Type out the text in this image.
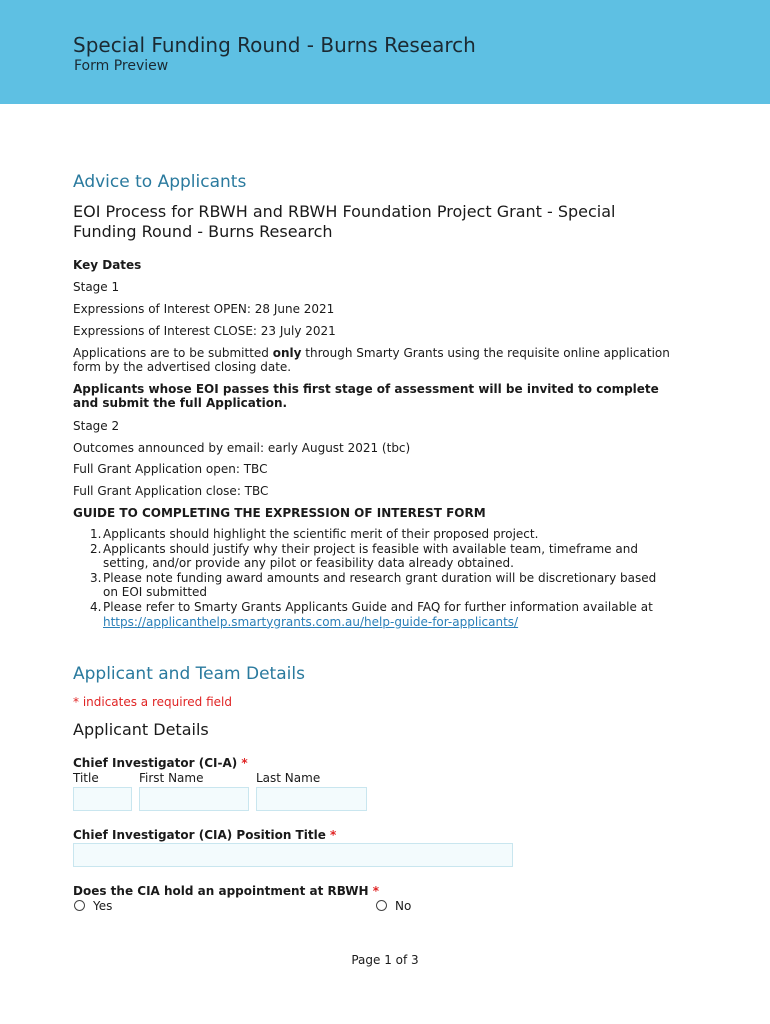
Special Funding Round - Burns Research
Form Preview
Advice to Applicants
EOI Process for RBWH and RBWH Foundation Project Grant - Special Funding Round - Burns Research
Key Dates
Stage 1
Expressions of Interest OPEN: 28 June 2021
Expressions of Interest CLOSE: 23 July 2021
Applications are to be submitted only through Smarty Grants using the requisite online application form by the advertised closing date.
Applicants whose EOI passes this first stage of assessment will be invited to complete and submit the full Application.
Stage 2
Outcomes announced by email: early August 2021 (tbc)
Full Grant Application open: TBC
Full Grant Application close: TBC
GUIDE TO COMPLETING THE EXPRESSION OF INTEREST FORM
1. Applicants should highlight the scientific merit of their proposed project.
2. Applicants should justify why their project is feasible with available team, timeframe and setting, and/or provide any pilot or feasibility data already obtained.
3. Please note funding award amounts and research grant duration will be discretionary based on EOI submitted
4. Please refer to Smarty Grants Applicants Guide and FAQ for further information available at https://applicanthelp.smartygrants.com.au/help-guide-for-applicants/
Applicant and Team Details
* indicates a required field
Applicant Details
Chief Investigator (CI-A) *
Title	First Name	Last Name
Chief Investigator (CIA) Position Title *
Does the CIA hold an appointment at RBWH *
Yes	No
Page 1 of 3
